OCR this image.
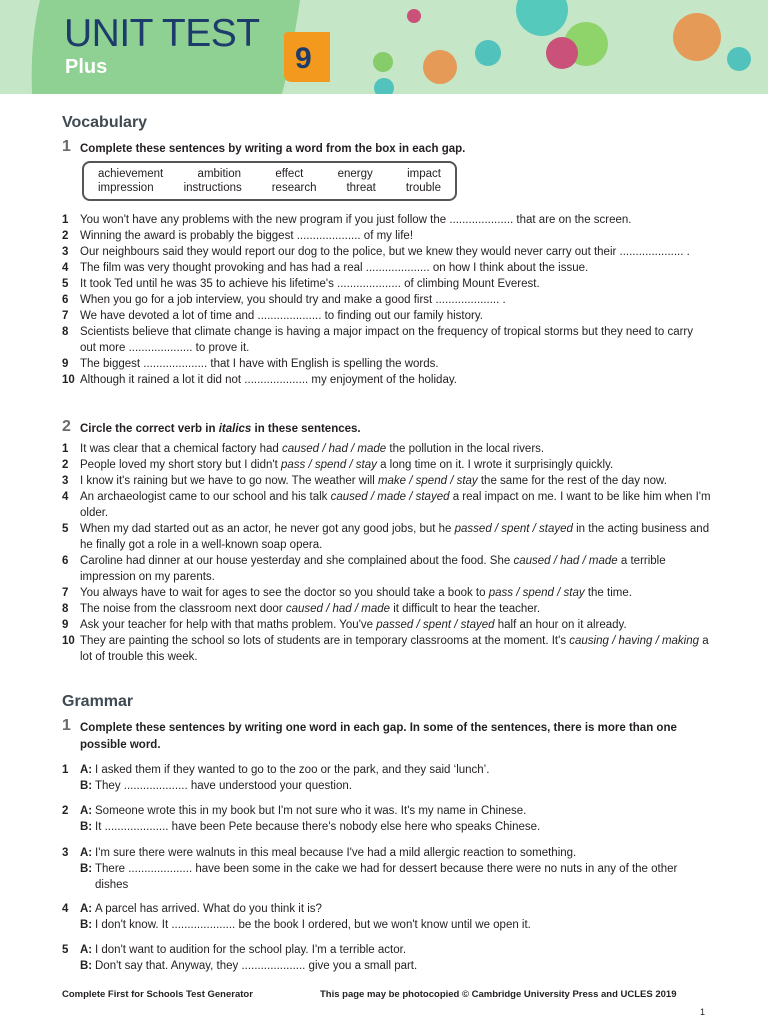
UNIT TEST
Plus	9
Vocabulary
1 Complete these sentences by writing a word from the box in each gap.
achievement	ambition	effect	energy	impact
impression	instructions	research	threat	trouble
1 You won't have any problems with the new program if you just follow the .................... that are on the screen.
2 Winning the award is probably the biggest .................... of my life!
3 Our neighbours said they would report our dog to the police, but we knew they would never carry out their .................... .
4 The film was very thought provoking and has had a real .................... on how I think about the issue.
5 It took Ted until he was 35 to achieve his lifetime's .................... of climbing Mount Everest.
6 When you go for a job interview, you should try and make a good first .................... .
7 We have devoted a lot of time and .................... to finding out our family history.
8 Scientists believe that climate change is having a major impact on the frequency of tropical storms but they need to carry out more .................... to prove it.
9 The biggest .................... that I have with English is spelling the words.
10 Although it rained a lot it did not .................... my enjoyment of the holiday.
2 Circle the correct verb in italics in these sentences.
1 It was clear that a chemical factory had caused / had / made the pollution in the local rivers.
2 People loved my short story but I didn't pass / spend / stay a long time on it. I wrote it surprisingly quickly.
3 I know it's raining but we have to go now. The weather will make / spend / stay the same for the rest of the day now.
4 An archaeologist came to our school and his talk caused / made / stayed a real impact on me. I want to be like him when I'm older.
5 When my dad started out as an actor, he never got any good jobs, but he passed / spent / stayed in the acting business and he finally got a role in a well-known soap opera.
6 Caroline had dinner at our house yesterday and she complained about the food. She caused / had / made a terrible impression on my parents.
7 You always have to wait for ages to see the doctor so you should take a book to pass / spend / stay the time.
8 The noise from the classroom next door caused / had / made it difficult to hear the teacher.
9 Ask your teacher for help with that maths problem. You've passed / spent / stayed half an hour on it already.
10 They are painting the school so lots of students are in temporary classrooms at the moment. It's causing / having / making a lot of trouble this week.
Grammar
1 Complete these sentences by writing one word in each gap. In some of the sentences, there is more than one possible word.
1 A: I asked them if they wanted to go to the zoo or the park, and they said ‘lunch’.
B: They .................... have understood your question.
2 A: Someone wrote this in my book but I'm not sure who it was. It's my name in Chinese.
B: It .................... have been Pete because there's nobody else here who speaks Chinese.
3 A: I'm sure there were walnuts in this meal because I've had a mild allergic reaction to something.
B: There .................... have been some in the cake we had for dessert because there were no nuts in any of the other dishes
4 A: A parcel has arrived. What do you think it is?
B: I don't know. It .................... be the book I ordered, but we won't know until we open it.
5 A: I don't want to audition for the school play. I'm a terrible actor.
B: Don't say that. Anyway, they .................... give you a small part.
Complete First for Schools Test Generator	This page may be photocopied © Cambridge University Press and UCLES 2019
1
